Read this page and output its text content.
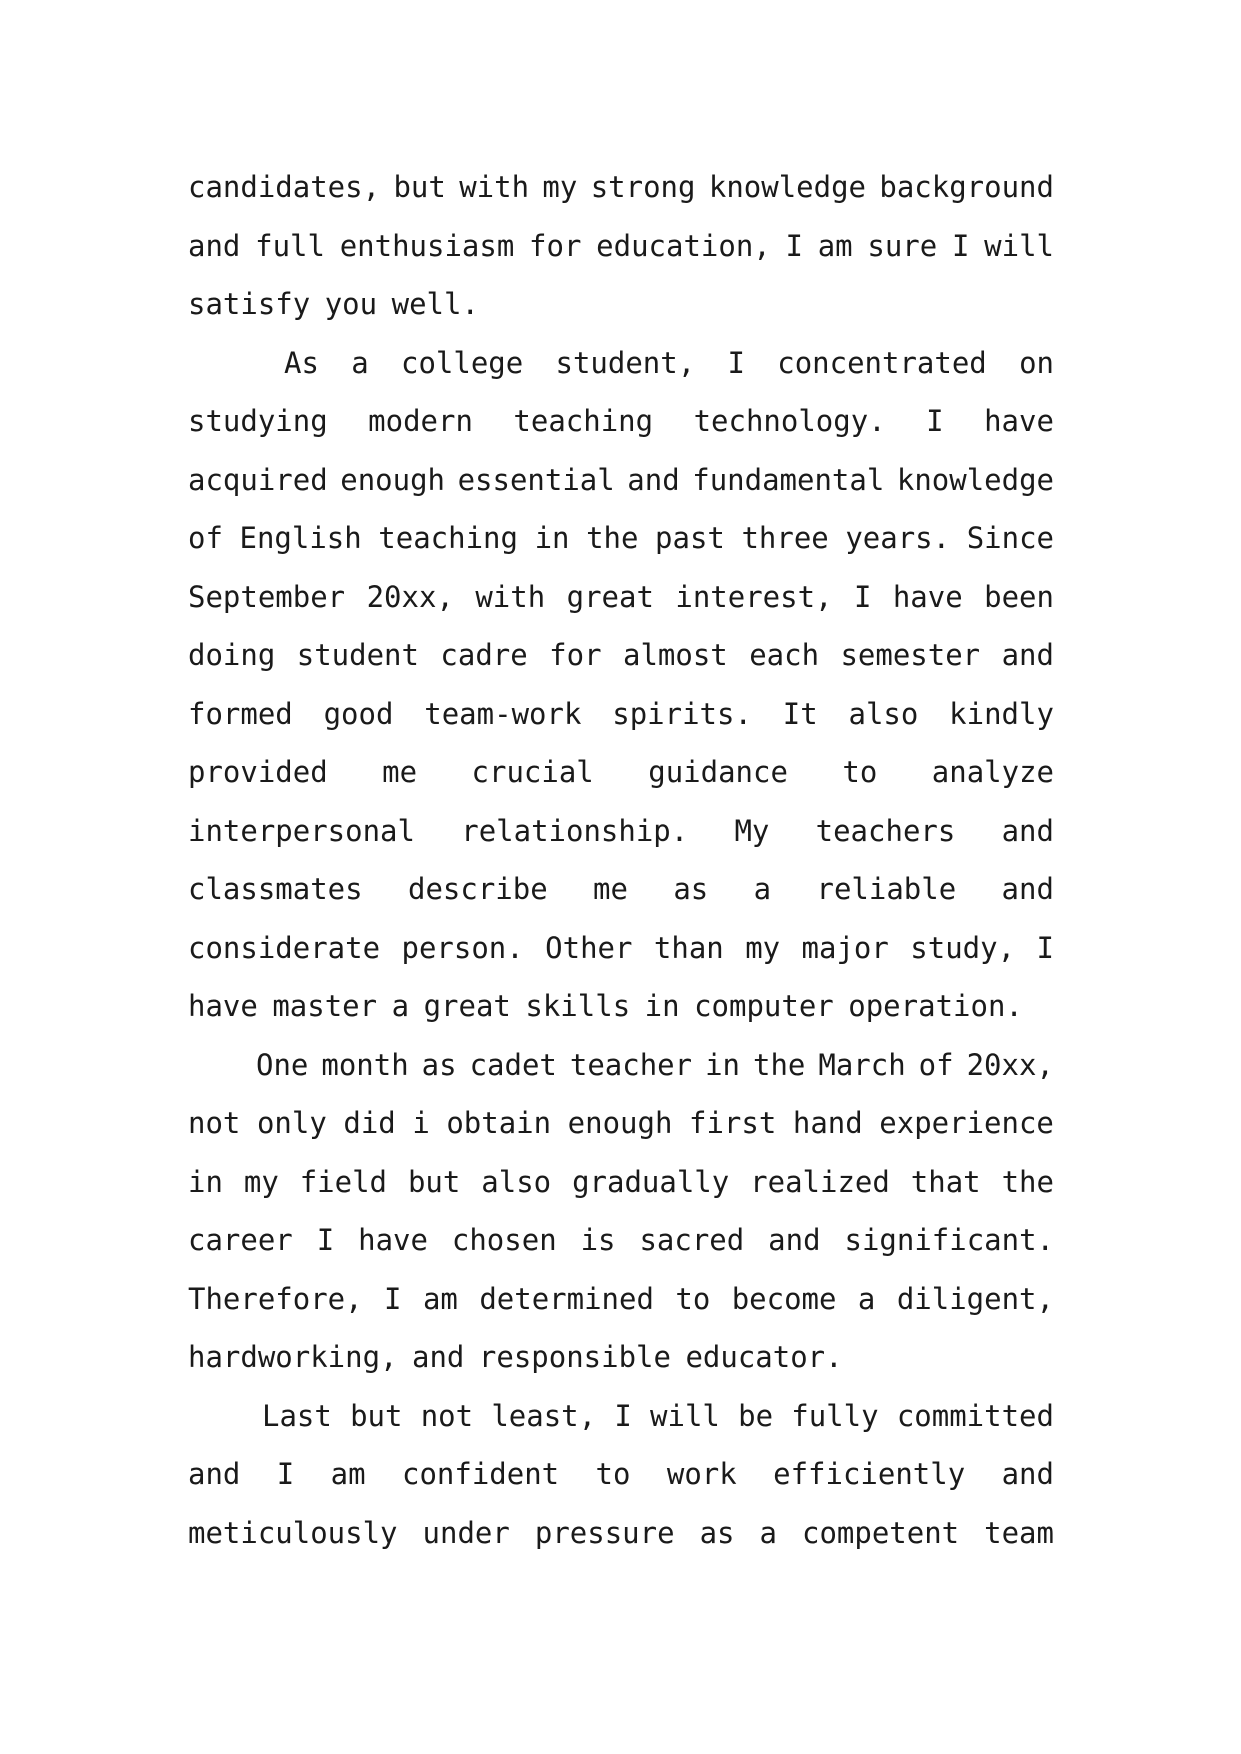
candidates, but with my strong knowledge background
and full enthusiasm for education, I am sure I will
satisfy you well.
As a college student, I concentrated on
studying modern teaching technology. I have
acquired enough essential and fundamental knowledge
of English teaching in the past three years. Since
September 20xx, with great interest, I have been
doing student cadre for almost each semester and
formed good team-work spirits. It also kindly
provided me crucial guidance to analyze
interpersonal relationship. My teachers and
classmates describe me as a reliable and
considerate person. Other than my major study, I
have master a great skills in computer operation.
One month as cadet teacher in the March of 20xx,
not only did i obtain enough first hand experience
in my field but also gradually realized that the
career I have chosen is sacred and significant.
Therefore, I am determined to become a diligent,
hardworking, and responsible educator.
Last but not least, I will be fully committed
and I am confident to work efficiently and
meticulously under pressure as a competent team
